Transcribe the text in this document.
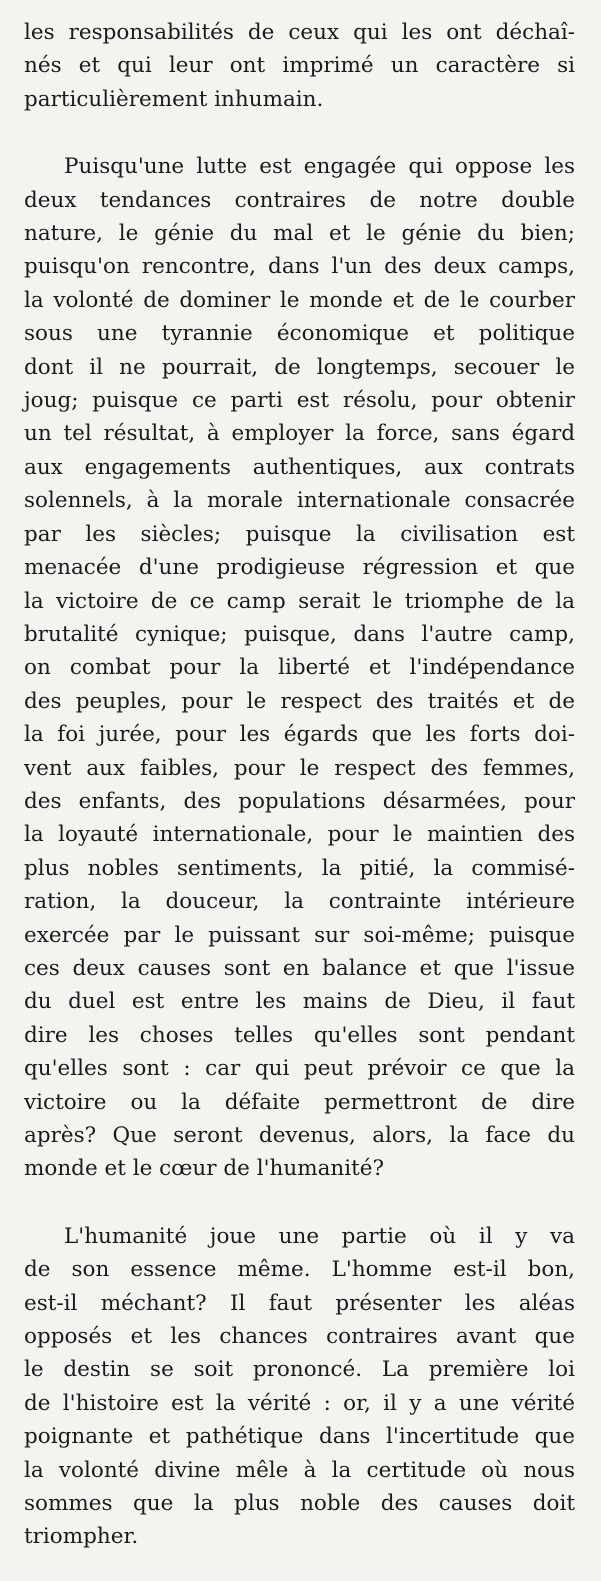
les responsabilités de ceux qui les ont déchaî-
nés et qui leur ont imprimé un caractère si
particulièrement inhumain.

Puisqu'une lutte est engagée qui oppose les
deux tendances contraires de notre double
nature, le génie du mal et le génie du bien;
puisqu'on rencontre, dans l'un des deux camps,
la volonté de dominer le monde et de le courber
sous une tyrannie économique et politique
dont il ne pourrait, de longtemps, secouer le
joug; puisque ce parti est résolu, pour obtenir
un tel résultat, à employer la force, sans égard
aux engagements authentiques, aux contrats
solennels, à la morale internationale consacrée
par les siècles; puisque la civilisation est
menacée d'une prodigieuse régression et que
la victoire de ce camp serait le triomphe de la
brutalité cynique; puisque, dans l'autre camp,
on combat pour la liberté et l'indépendance
des peuples, pour le respect des traités et de
la foi jurée, pour les égards que les forts doi-
vent aux faibles, pour le respect des femmes,
des enfants, des populations désarmées, pour
la loyauté internationale, pour le maintien des
plus nobles sentiments, la pitié, la commisé-
ration, la douceur, la contrainte intérieure
exercée par le puissant sur soi-même; puisque
ces deux causes sont en balance et que l'issue
du duel est entre les mains de Dieu, il faut
dire les choses telles qu'elles sont pendant
qu'elles sont : car qui peut prévoir ce que la
victoire ou la défaite permettront de dire
après? Que seront devenus, alors, la face du
monde et le cœur de l'humanité?

L'humanité joue une partie où il y va
de son essence même. L'homme est-il bon,
est-il méchant? Il faut présenter les aléas
opposés et les chances contraires avant que
le destin se soit prononcé. La première loi
de l'histoire est la vérité : or, il y a une vérité
poignante et pathétique dans l'incertitude que
la volonté divine mêle à la certitude où nous
sommes que la plus noble des causes doit
triompher.
